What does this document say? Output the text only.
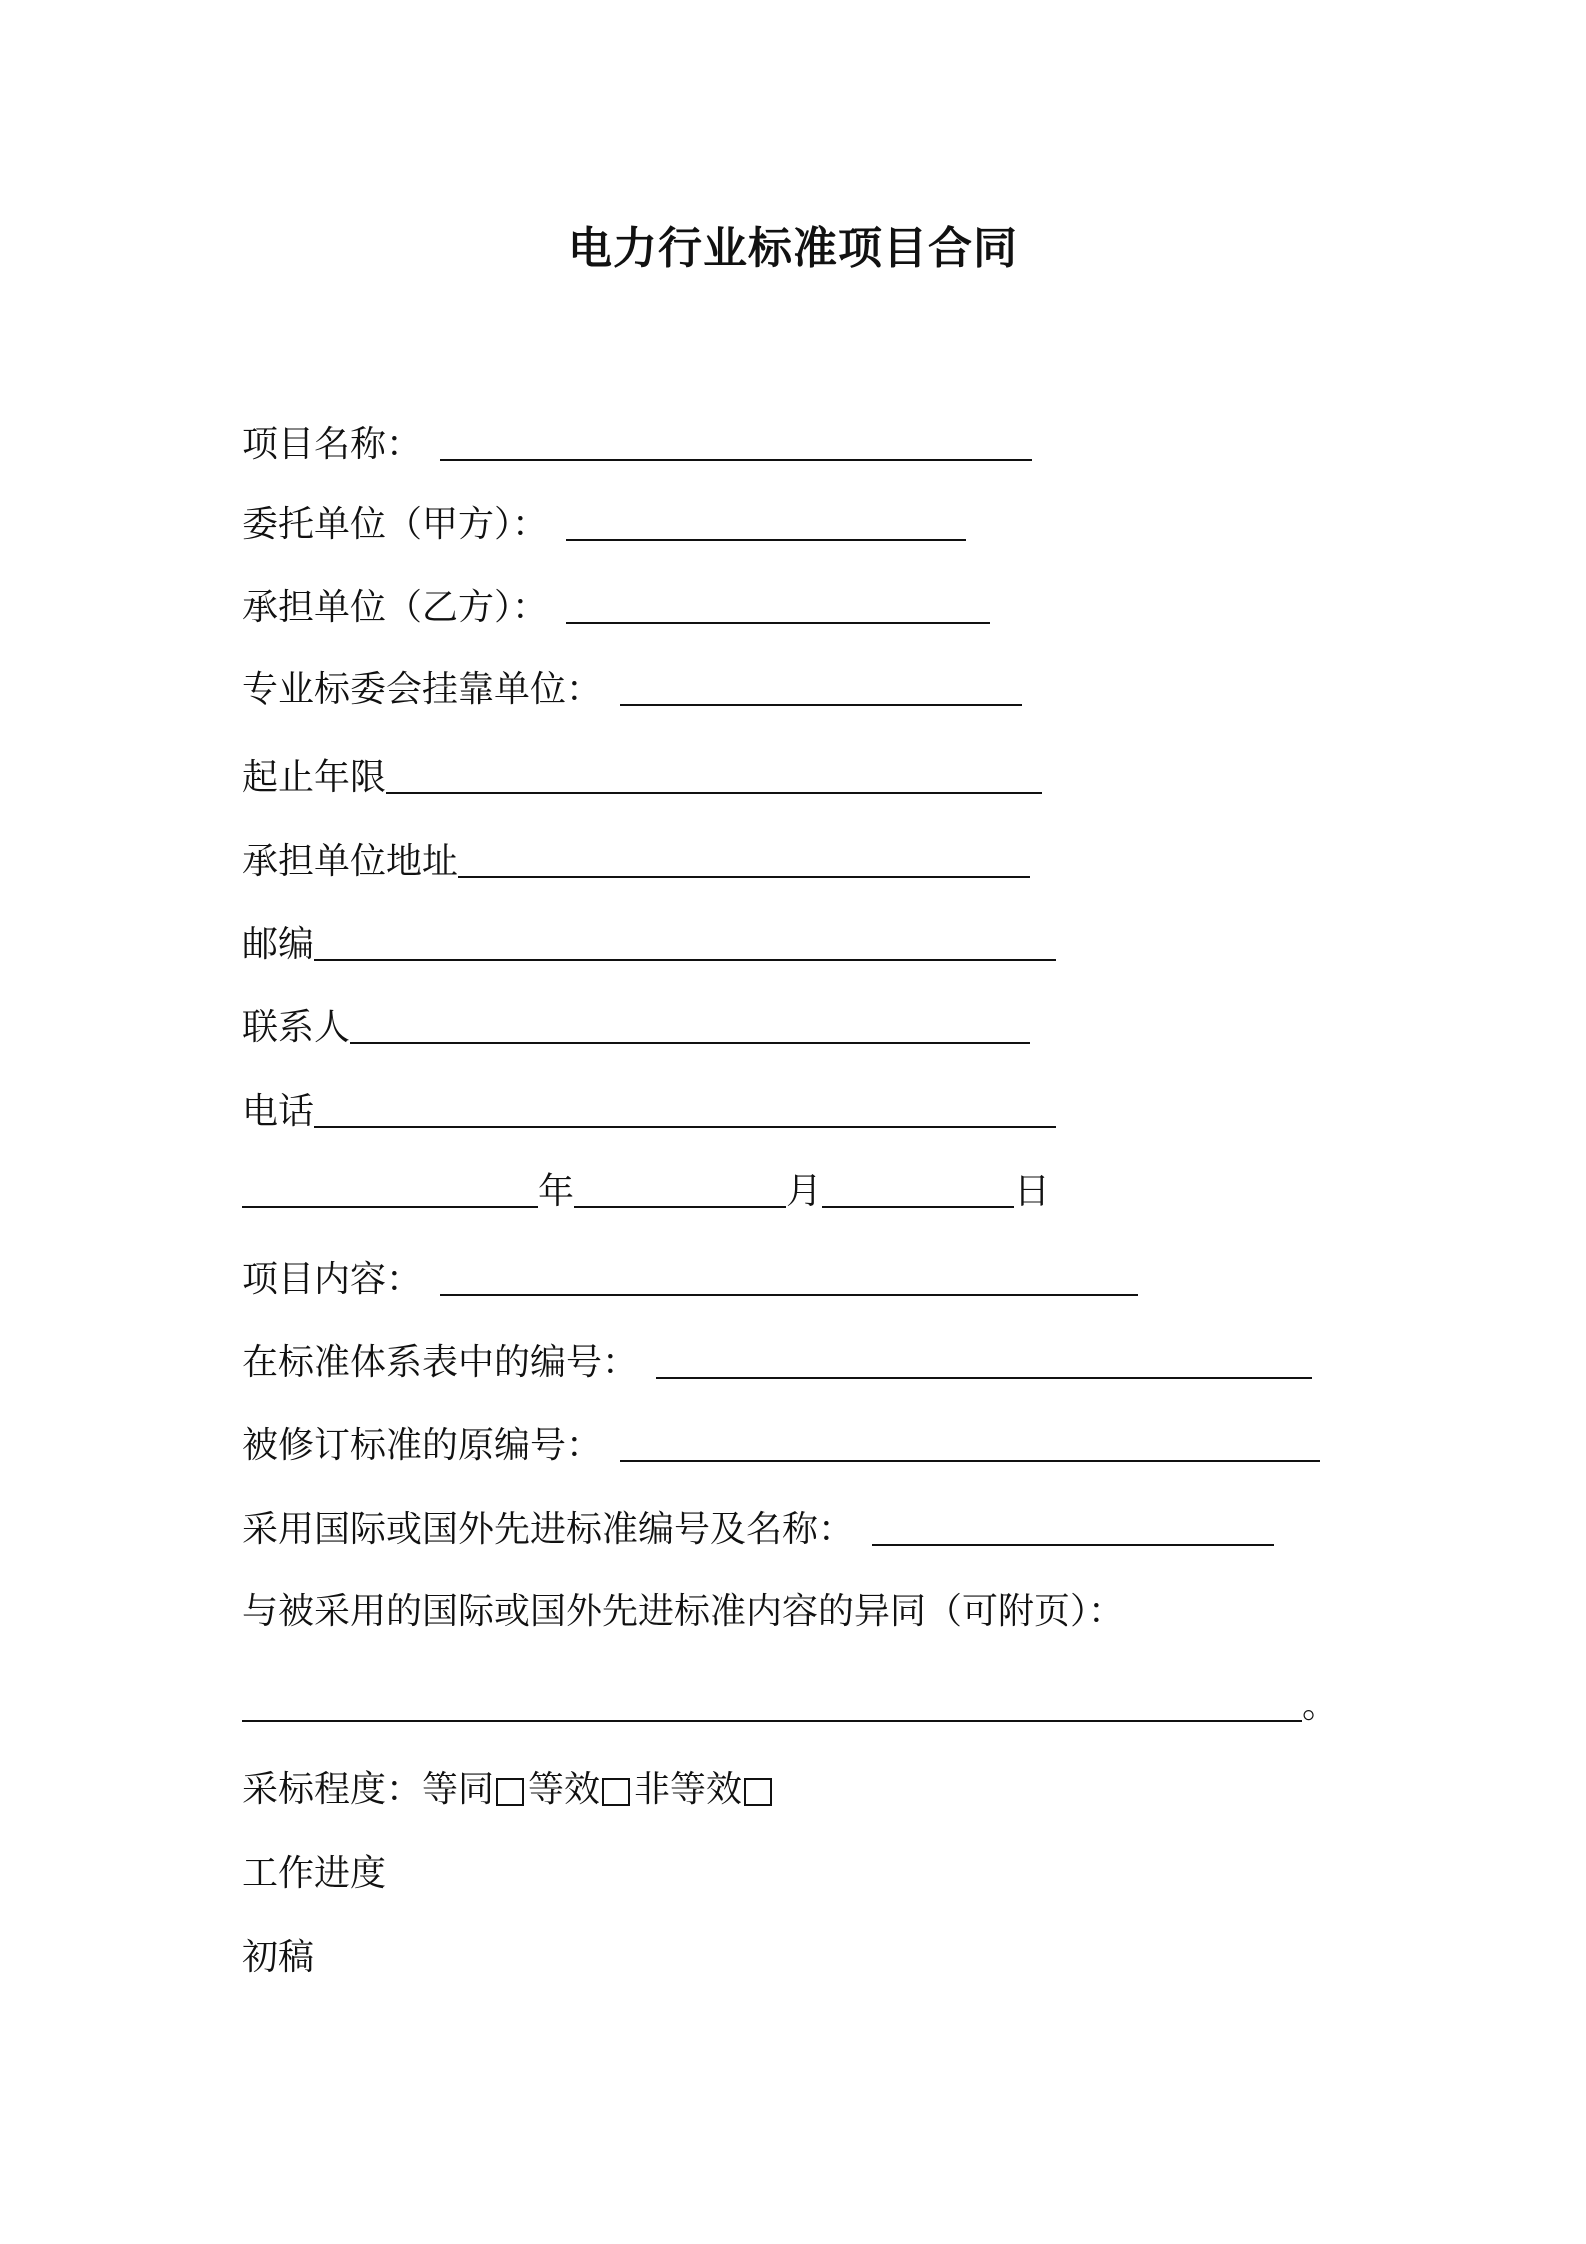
电力行业标准项目合同
项目名称：
委托单位（甲方）：
承担单位（乙方）：
专业标委会挂靠单位：
起止年限
承担单位地址
邮编
联系人
电话
年	月	日
项目内容：
在标准体系表中的编号：
被修订标准的原编号：
采用国际或国外先进标准编号及名称：
与被采用的国际或国外先进标准内容的异同（可附页）：
。
采标程度： 等同 等效 非等效
工作进度
初稿
